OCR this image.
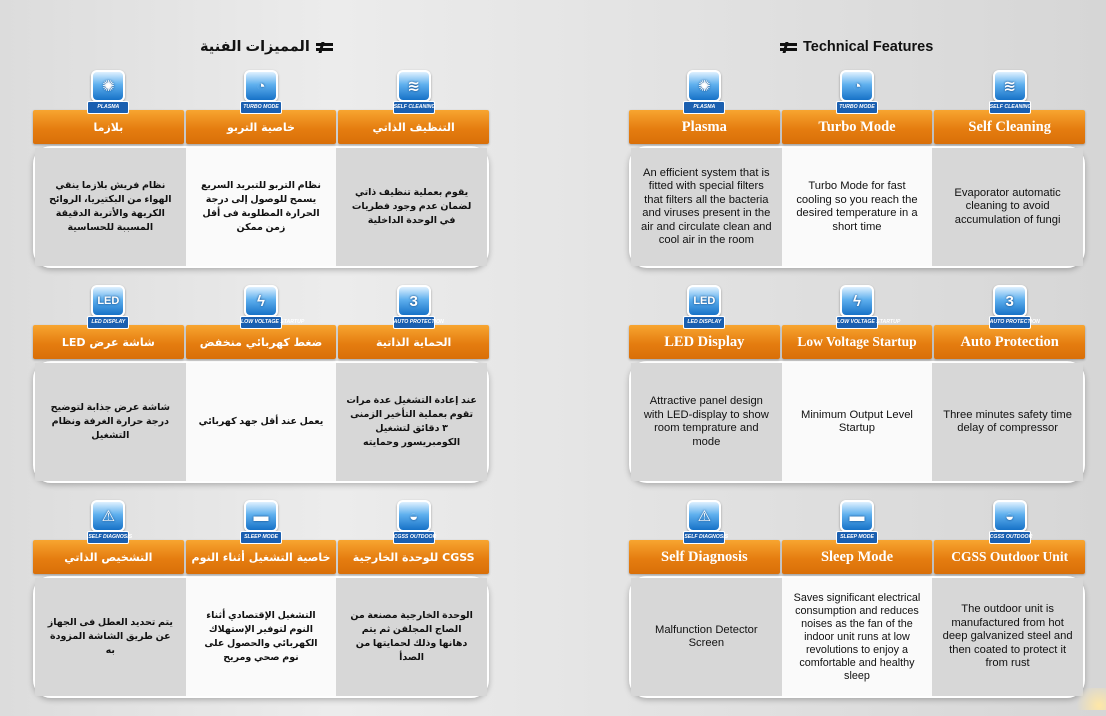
المميزات الفنية	Technical Features
نظام فريش بلازما ينقي الهواء من البكتيريا، الروائح الكريهة والأتربة الدقيقة المسببة للحساسية
نظام التربو للتبريد السريع يسمح للوصول إلى درجة الحرارة المطلوبة فى أقل زمن ممكن
يقوم بعملية تنظيف ذاتي لضمان عدم وجود فطريات في الوحدة الداخلية
بلازما	خاصية التربو	التنظيف الذاتي
✺
PLASMA
◔
TURBO MODE
≋
SELF CLEANING
شاشة عرض جذابة لتوضيح درجة حرارة الغرفة ونظام التشغيل
يعمل عند أقل جهد كهربائي
عند إعادة التشغيل عدة مرات تقوم بعملية التأخير الزمنى ٣ دقائق لتشغيل الكومبريسور وحمايته
شاشة عرض LED	ضغط كهربائي منخفض	الحماية الذاتية
LED
LED DISPLAY
ϟ
LOW VOLTAGE STARTUP
3
AUTO PROTECTION
يتم تحديد العطل فى الجهاز عن طريق الشاشة المزودة به
التشغيل الإقتصادي أثناء النوم لتوفير الإستهلاك الكهربائي والحصول على نوم صحي ومريح
الوحدة الخارجية مصنعة من الصاج المجلفن ثم يتم دهانها وذلك لحمايتها من الصدأ
التشخيص الذاتي	خاصية التشغيل أثناء النوم	CGSS للوحدة الخارجية
⚠
SELF DIAGNOSIS
▬
SLEEP MODE
◒
CGSS OUTDOOR
An efficient system that is fitted with special filters that filters all the bacteria and viruses present in the air and circulate clean and cool air in the room
Turbo Mode for fast cooling so you reach the desired temperature in a short time
Evaporator automatic cleaning to avoid accumulation of fungi
Plasma	Turbo Mode	Self Cleaning
✺
PLASMA
◔
TURBO MODE
≋
SELF CLEANING
Attractive panel design with LED-display to show room temprature and mode
Minimum Output Level Startup
Three minutes safety time delay of compressor
LED Display	Low Voltage Startup	Auto Protection
LED
LED DISPLAY
ϟ
LOW VOLTAGE STARTUP
3
AUTO PROTECTION
Malfunction Detector Screen
Saves significant electrical consumption and reduces noises as the fan of the indoor unit runs at low revolutions to enjoy a comfortable and healthy sleep
The outdoor unit is manufactured from hot deep galvanized steel and then coated to protect it from rust
Self Diagnosis	Sleep Mode	CGSS Outdoor Unit
⚠
SELF DIAGNOSIS
▬
SLEEP MODE
◒
CGSS OUTDOOR
